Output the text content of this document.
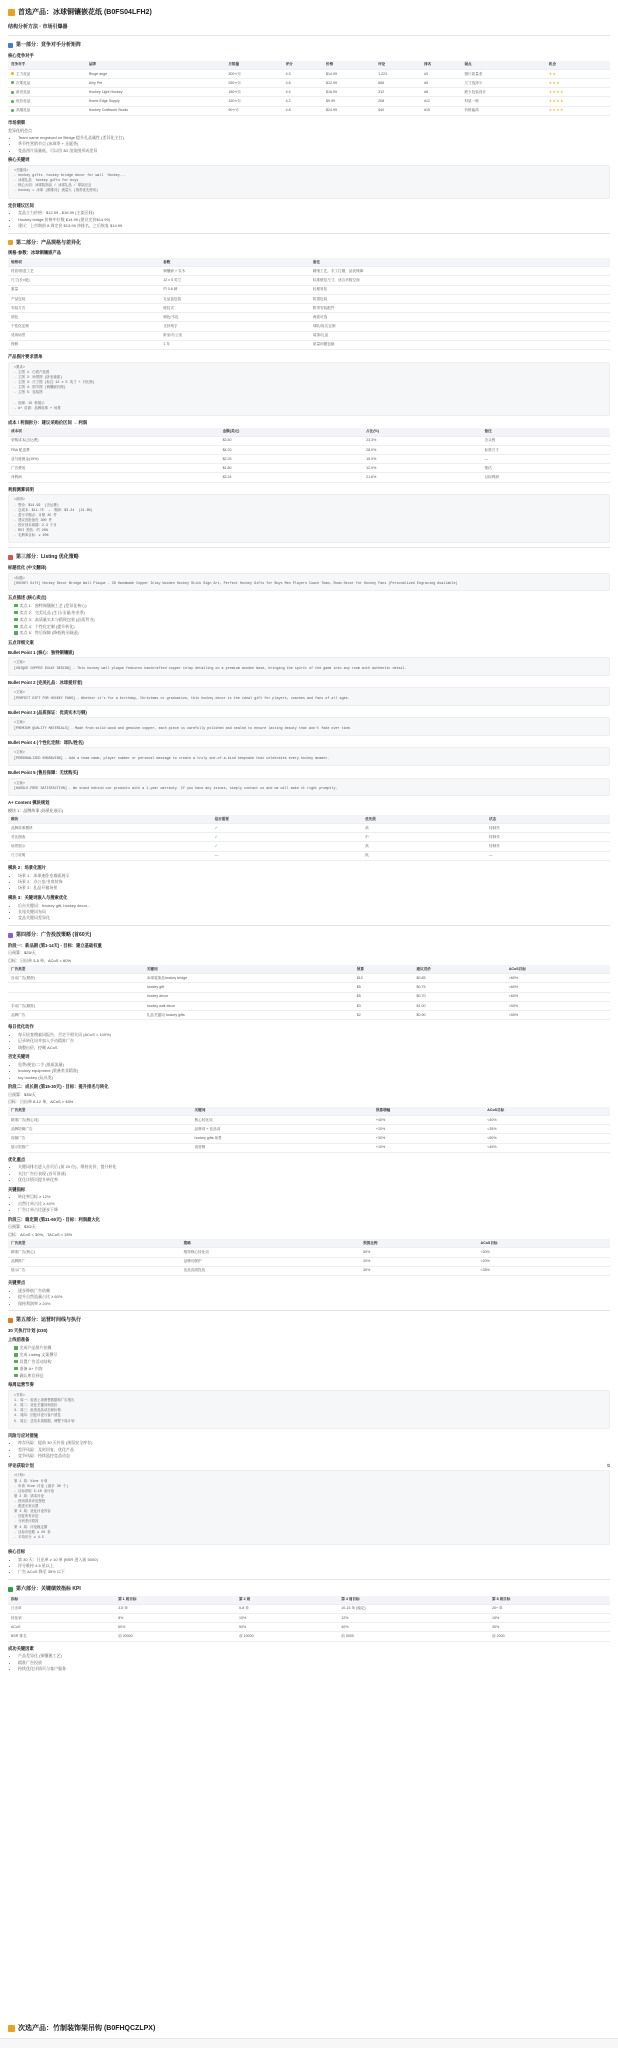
首选产品：冰球铜镶嵌花纸 (B0FS04LFH2)
结构分析方法 · 市场引爆器
第一部分：竞争对手分析矩阵
核心竞争对手
竞争对手	品牌	月销量	评分	价格	评论	排名	弱点	机会
主力竞品	Ringe ange	300+/月	4.5	$14.99	1,223	#3	图片质量差	★★
次要竞品	Airly Pet	250+/月	4.6	$12.99	866	#5	尺寸选择少	★★★
新晋竞品	Hockey Light Hockey	180+/月	4.4	$16.99	312	#8	缺少包装设计	★★★★
低价竞品	Home Edge Supply	150+/月	4.2	$9.99	208	#12	材质一般	★★★★
高端竞品	Hockey Craftwork Studio	90+/月	4.8	$24.99	540	#15	价格偏高	★★★★
市场洞察
差异化机会点
• Team name engraved on Bridge 提升礼品属性 (差异化主打)
• 季节性营销节点 (冰球季 + 圣诞季)
• 竞品图片质量低，可以用 3D 渲染图形成差异
核心关键词
<关键词>
- hockey gifts  hockey bridge decor for wall  Hockey...
- 冰球礼品  hockey gifts for boys
- 核心大词：冰球装饰品 / 冰球礼品 / 球队纪念
- hockey = 冰球 (精准词) 流量大 (推荐优先使用)
定价建议区间
• 竞品主力价格：$12.99 - $16.99 (主流区间)
• Hockey bridge 价格中位数 $14.99 (建议定价$14.99)
• 建议：上市期前 8 周定价 $13.99 冲排名，之后恢复 $14.99
第二部分：产品规格与差异化
规格·参数：冰球铜镶嵌产品
规格项	参数	备注
材质/制造工艺	铜镶嵌 + 实木	精细工艺，手工打磨，品质保障
尺寸(长x宽)	12 x 5 英寸	标准壁挂尺寸，适合多数空间
重量	约 0.8 磅	轻便易挂
产品包装	礼品盒包装	防损包装
安装方式	壁挂式	附带安装配件
颜色	铜色/木色	两款可选
个性化定制	支持刻字	球队/姓名定制
适用场景	卧室/办公室	装饰/礼品
保修	1 年	质量问题包换
产品图片要求清单
<要求>
- 主图 1：白底产品图
- 主图 2：场景图 (卧室墙面)
- 主图 3：尺寸图 (标注 12 x 5 英寸 + 对比物)
- 主图 4：细节图 (铜镶嵌纹理)
- 主图 5：包装图

- 视频：15 秒展示
- A+ 页面：品牌故事 + 场景
成本 / 利润拆分：建议采购价区间 → 利润
成本项	金额(美元)	占比(%)	备注
采购成本(含运费)	$3.50	23.3%	含头程
FBA 配送费	$4.20	28.0%	标准尺寸
亚马逊佣金(15%)	$2.25	15.0%	—
广告费用	$1.80	12.0%	预估
净利润	$3.24	21.6%	目标利润
利润测算说明
<说明>
- 售价：$14.99  (含运费)
- 总成本：$11.75  →  利润：$3.24  (21.6%)
- 盈亏平衡点：月销 45 件
- 建议首批备货 300 件
- 预计回本周期：2-3 个月
- ROI 预估：约 28%
- 毛利率目标：≥ 20%
第三部分：Listing 优化策略
标题优化 (中文翻译)
<标题>
[HOCKEY Gift] Hockey Decor Bridge Wall Plaque - 3D Handmade Copper Inlay Wooden Hockey Stick Sign Art, Perfect Hockey Gifts for Boys Men Players Coach Team, Room Decor for Hockey Fans (Personalized Engraving Available)
五点描述 (核心卖点)
卖点 1：独特铜镶嵌工艺 (差异化核心)
卖点 2：完美礼品 (生日/圣诞/毕业季)
卖点 3：高质量实木与精致包装 (品质背书)
卖点 4：个性化定制 (提升转化)
卖点 5：售后保障 (降低购买顾虑)
五点详细文案
Bullet Point 1 (核心：独特铜镶嵌)
<文案>
[UNIQUE COPPER INLAY DESIGN] - This hockey wall plaque features handcrafted copper inlay detailing on a premium wooden base, bringing the spirit of the game into any room with authentic detail.
Bullet Point 2 (完美礼品：冰球爱好者)
<文案>
[PERFECT GIFT FOR HOCKEY FANS] - Whether it's for a birthday, Christmas or graduation, this hockey decor is the ideal gift for players, coaches and fans of all ages.
Bullet Point 3 (品质保证：优质实木与铜)
<文案>
[PREMIUM QUALITY MATERIALS] - Made from solid wood and genuine copper, each piece is carefully polished and sealed to ensure lasting beauty that won't fade over time.
Bullet Point 4 (个性化定制：球队/姓名)
<文案>
[PERSONALIZED ENGRAVING] - Add a team name, player number or personal message to create a truly one-of-a-kind keepsake that celebrates every hockey moment.
Bullet Point 5 (售后保障：无忧购买)
<文案>
[HASSLE-FREE SATISFACTION] - We stand behind our products with a 1-year warranty. If you have any issues, simply contact us and we will make it right promptly.
A+ Content 模块规划
模块 1：品牌故事 (场景化展示)
模块	是否需要	优先级	状态
品牌故事模块	✓	高	待制作
对比图表	✓	中	待制作
场景展示	✓	高	待制作
尺寸说明	—	低	—
模块 2：场景化图片
• 场景 1：冰球迷卧室墙面展示
• 场景 2：办公室/书房装饰
• 场景 3：礼品开箱场景
模块 3：关键词嵌入与搜索优化
• 后台关键词：hockey gift, hockey decor...
• 长尾关键词布局
• 竞品关键词差异化
第四部分：广告投放策略 (首60天)
阶段一：新品期 (第1-14天) - 目标：建立基础权重
日预算：$25/天
目标：日出单 3-5 单，ACoS < 60%
广告类型	关键词	预算	建议竞价	ACoS目标
自动广告(紧密)	冰球装饰品hockey bridge	$10	$0.85	<60%
	hockey gift	$5	$0.75	<60%
	hockey decor	$5	$0.70	<60%
手动广告(精准)	hockey wall decor	$3	$1.00	<50%
品牌广告	礼品关键词 hockey gifts	$2	$0.90	<55%
每日优化动作
• 每天检查搜索词报告，否定不相关词 (ACoS > 100%)
• 记录转化词并加入手动精准广告
• 调整出价，控制 ACoS
否定关键词
• 免费/便宜/二手 (低质流量)
• hockey equipment (装备类非精准)
• toy hockey (玩具类)
阶段二：成长期 (第15-30天) - 目标：提升排名与转化
日预算：$35/天
目标：日出单 8-12 单，ACoS < 45%
广告类型	关键词	预算增幅	ACoS目标
精准广告(核心词)	核心转化词	+40%	<40%
品牌防御广告	品牌词 + 竞品词	+20%	<35%
视频广告	hockey gifts 场景	+30%	<50%
展示型推广	再营销	+10%	<45%
优化重点
• 关键词排名进入首页后 (前 20 位)，维持出价，提升转化
• 关注广告位表现 (首页顶部)
• 优化详情页提升转化率
关键指标
• 转化率目标 ≥ 12%
• 自然订单占比 ≥ 40%
• 广告订单占比逐步下降
阶段三：稳定期 (第31-60天) - 目标：利润最大化
日预算：$30/天
目标：ACoS < 30%，TACoS < 15%
广告类型	策略	预算比例	ACoS目标
精准广告(核心)	维持核心转化词	50%	<30%
品牌推广	品牌词保护	20%	<20%
展示广告	竞品页面投放	30%	<35%
关键要点
• 逐步降低广告依赖
• 提升自然流量占比 ≥ 60%
• 保持利润率 ≥ 20%
第五部分：运营时间线与执行
30 天执行计划 (D30)
上线前准备
完成产品图片拍摄
完成 Listing 文案撰写
设置广告活动结构
准备 A+ 内容
确认库存到仓
每周运营节奏
<节奏>
1. 周一：检查上周销售数据和广告报告
2. 周二：优化关键词和竞价
3. 周三：检查竞品动态和价格
4. 周四：回复评论与客户消息
5. 周五：总结本周数据，调整下周计划
风险与应对措施
• 库存风险：提前 30 天补货 (预留安全库存)
• 差评风险：及时回复，优化产品
• 竞争风险：持续监控竞品动态
评论获取计划	⧉
<计划>
第 1 周：Vine 计划
- 申请 Vine 评论 (最多 30 个)
- 目标获取 5-10 条评论
第 2 周：请求评论
- 使用请求评论按钮
- 跟进买家反馈
第 3 周：优化评论内容
- 回复所有评论
- 分析差评原因
第 4 周：评论稳定期
- 目标评论数 ≥ 20 条
- 平均评分 ≥ 4.5
核心目标
• 第 30 天：日出单 ≥ 10 单 (BSR 进入前 5000)
• 评分维持 4.5 星以上
• 广告 ACoS 降至 35% 以下
第六部分：关键绩效指标 KPI
指标	第 1 周目标	第 2 周	第 4 周目标	第 8 周目标
日出单	3-5 单	5-8 单	10-15 单 (稳定)	20+ 单
转化率	8%	10%	12%	15%
ACoS	60%	50%	40%	30%
BSR 排名	前 20000	前 10000	前 5000	前 2000
成功关键因素
• 产品差异化 (铜镶嵌工艺)
• 精准广告投放
• 持续优化详情页与客户服务
次选产品：竹制装饰架吊钩 (B0FHQCZLPX)
